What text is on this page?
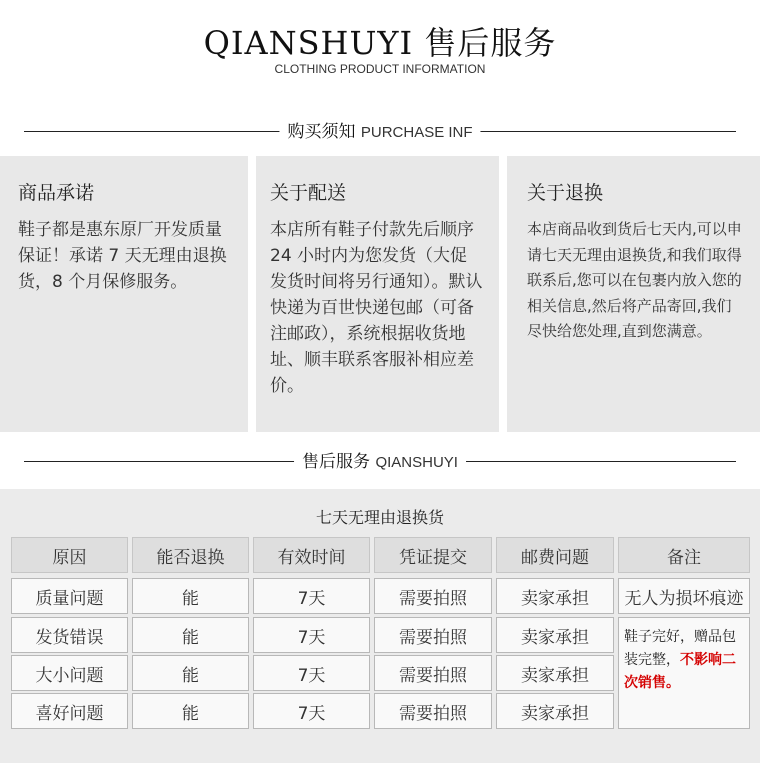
QIANSHUYI 售后服务
CLOTHING PRODUCT INFORMATION
购买须知 PURCHASE INF
商品承诺

鞋子都是惠东原厂开发质量保证！承诺 7 天无理由退换货，8 个月保修服务。

关于配送

本店所有鞋子付款先后顺序 24 小时内为您发货（大促发货时间将另行通知）。默认快递为百世快递包邮（可备注邮政），系统根据收货地址、顺丰联系客服补相应差价。

关于退换

本店商品收到货后七天内,可以申请七天无理由退换货,和我们取得联系后,您可以在包裹内放入您的相关信息,然后将产品寄回,我们尽快给您处理,直到您满意。

售后服务 QIANSHUYI
七天无理由退换货
原因	能否退换	有效时间	凭证提交	邮费问题	备注
质量问题	能	7天	需要拍照	卖家承担	无人为损坏痕迹
发货错误	能	7天	需要拍照	卖家承担
大小问题	能	7天	需要拍照	卖家承担
喜好问题	能	7天	需要拍照	卖家承担
鞋子完好，赠品包装完整，不影响二次销售。
